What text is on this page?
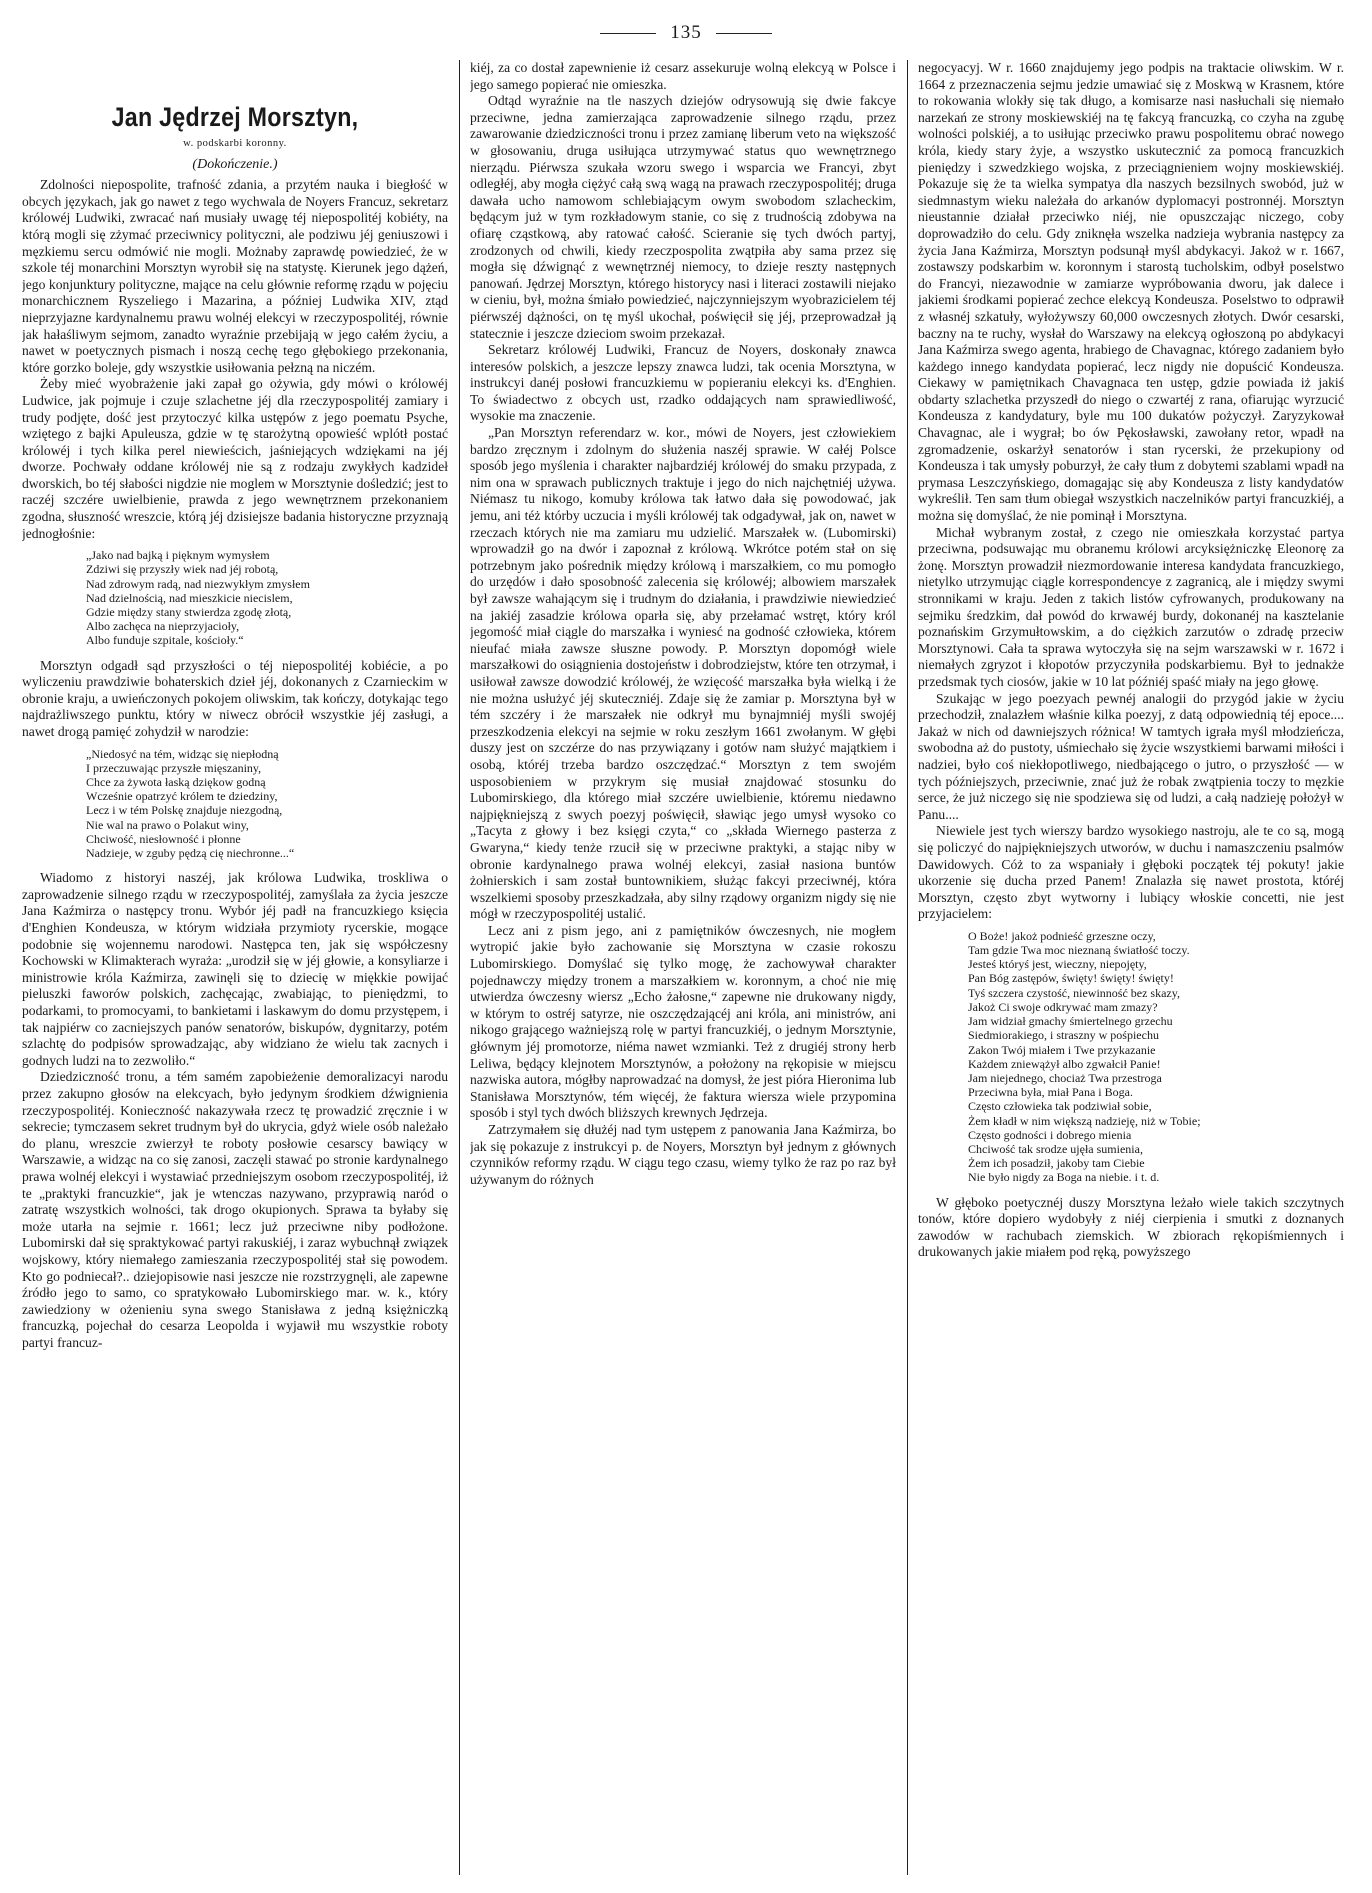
135
Jan Jędrzej Morsztyn,
w. podskarbi koronny.
(Dokończenie.)

Zdolności niepospolite, trafność zdania, a przytém nauka i biegłość w obcych językach, jak go nawet z tego wychwala de Noyers Francuz, sekretarz królowéj Ludwiki, zwracać nań musiały uwagę téj niepospolitéj kobiéty, na którą mogli się zżymać przeciwnicy polityczni, ale podziwu jéj geniuszowi i męzkiemu sercu odmówić nie mogli. Możnaby zaprawdę powiedzieć, że w szkole téj monarchini Morsztyn wyrobił się na statystę. Kierunek jego dążeń, jego konjunktury polityczne, mające na celu głównie reformę rządu w pojęciu monarchicznem Ryszeliego i Mazarina, a później Ludwika XIV, ztąd nieprzyjazne kardynalnemu prawu wolnéj elekcyi w rzeczypospolitéj, równie jak hałaśliwym sejmom, zanadto wyraźnie przebijają w jego całém życiu, a nawet w poetycznych pismach i noszą cechę tego głębokiego przekonania, które gorzko boleje, gdy wszystkie usiłowania pełzną na niczém.

Żeby mieć wyobrażenie jaki zapał go ożywia, gdy mówi o królowéj Ludwice, jak pojmuje i czuje szlachetne jéj dla rzeczypospolitéj zamiary i trudy podjęte, dość jest przytoczyć kilka ustępów z jego poematu Psyche, wziętego z bajki Apuleusza, gdzie w tę starożytną opowieść wplótł postać królowéj i tych kilka perel niewieścich, jaśniejących wdziękami na jéj dworze. Pochwały oddane królowéj nie są z rodzaju zwykłych kadzideł dworskich, bo téj słabości nigdzie nie moglem w Morsztynie dośledzić; jest to raczéj szczére uwielbienie, prawda z jego wewnętrznem przekonaniem zgodna, słuszność wreszcie, którą jéj dzisiejsze badania historyczne przyznają jednogłośnie:

„Jako nad bajką i pięknym wymysłem
Zdziwi się przyszły wiek nad jéj robotą,
Nad zdrowym radą, nad niezwykłym zmysłem
Nad dzielnością, nad mieszkicie niecislem,
Gdzie między stany stwierdza zgodę złotą,
Albo zachęca na nieprzyjacioły,
Albo funduje szpitale, kościoły.“

Morsztyn odgadł sąd przyszłości o téj niepospolitéj kobiécie, a po wyliczeniu prawdziwie bohaterskich dzieł jéj, dokonanych z Czarnieckim w obronie kraju, a uwieńczonych pokojem oliwskim, tak kończy, dotykając tego najdrażliwszego punktu, który w niwecz obrócił wszystkie jéj zasługi, a nawet drogą pamięć zohydził w narodzie:

„Niedosyć na tém, widząc się niepłodną
I przeczuwając przyszłe mięszaniny,
Chce za żywota łaską dziękow godną
Wcześnie opatrzyć królem te dziedziny,
Lecz i w tém Polskę znajduje niezgodną,
Nie wal na prawo o Polakut winy,
Chciwość, niesłowność i płonne
Nadzieje, w zguby pędzą cię niechronne...“

Wiadomo z historyi naszéj, jak królowa Ludwika, troskliwa o zaprowadzenie silnego rządu w rzeczypospolitéj, zamyślała za życia jeszcze Jana Kaźmirza o następcy tronu. Wybór jéj padł na francuzkiego księcia d'Enghien Kondeusza, w którym widziała przymioty rycerskie, mogące podobnie się wojennemu narodowi. Następca ten, jak się współczesny Kochowski w Klimakterach wyraża: „urodził się w jéj głowie, a konsyliarze i ministrowie króla Kaźmirza, zawinęli się to dziecię w miękkie powijać pieluszki faworów polskich, zachęcając, zwabiając, to pieniędzmi, to podarkami, to promocyami, to bankietami i laskawym do domu przystępem, i tak najpiérw co zacniejszych panów senatorów, biskupów, dygnitarzy, potém szlachtę do podpisów sprowadzając, aby widziano że wielu tak zacnych i godnych ludzi na to zezwoliło.“

Dziedziczność tronu, a tém samém zapobieżenie demoralizacyi narodu przez zakupno głosów na elekcyach, było jedynym środkiem dźwignienia rzeczypospolitéj. Konieczność nakazywała rzecz tę prowadzić zręcznie i w sekrecie; tymczasem sekret trudnym był do ukrycia, gdyż wiele osób należało do planu, wreszcie zwierzył te roboty posłowie cesarscy bawiący w Warszawie, a widząc na co się zanosi, zaczęli stawać po stronie kardynalnego prawa wolnéj elekcyi i wystawiać przedniejszym osobom rzeczypospolitéj, iż te „praktyki francuzkie“, jak je wtenczas nazywano, przyprawią naród o zatratę wszystkich wolności, tak drogo okupionych. Sprawa ta byłaby się może utarła na sejmie r. 1661; lecz już przeciwne niby podłożone. Lubomirski dał się spraktykować partyi rakuskiéj, i zaraz wybuchnął związek wojskowy, który niemałego zamieszania rzeczypospolitéj stał się powodem. Kto go podniecał?.. dziejopisowie nasi jeszcze nie rozstrzygnęli, ale zapewne źródło jego to samo, co spratykowało Lubomirskiego mar. w. k., który zawiedziony w ożenieniu syna swego Stanisława z jedną księżniczką francuzką, pojechał do cesarza Leopolda i wyjawił mu wszystkie roboty partyi francuz-

kiéj, za co dostał zapewnienie iż cesarz assekuruje wolną elekcyą w Polsce i jego samego popierać nie omieszka.

Odtąd wyraźnie na tle naszych dziejów odrysowują się dwie fakcye przeciwne, jedna zamierzająca zaprowadzenie silnego rządu, przez zawarowanie dziedziczności tronu i przez zamianę liberum veto na większość w głosowaniu, druga usiłująca utrzymywać status quo wewnętrznego nierządu. Piérwsza szukała wzoru swego i wsparcia we Francyi, zbyt odległéj, aby mogła ciężyć całą swą wagą na prawach rzeczypospolitéj; druga dawała ucho namowom schlebiającym owym swobodom szlacheckim, będącym już w tym rozkładowym stanie, co się z trudnością zdobywa na ofiarę cząstkową, aby ratować całość. Scieranie się tych dwóch partyj, zrodzonych od chwili, kiedy rzeczpospolita zwątpiła aby sama przez się mogła się dźwignąć z wewnętrznéj niemocy, to dzieje reszty następnych panowań. Jędrzej Morsztyn, którego historycy nasi i literaci zostawili niejako w cieniu, był, można śmiało powiedzieć, najczynniejszym wyobrazicielem téj piérwszéj dążności, on tę myśl ukochał, poświęcił się jéj, przeprowadzał ją statecznie i jeszcze dzieciom swoim przekazał.

Sekretarz królowéj Ludwiki, Francuz de Noyers, doskonały znawca interesów polskich, a jeszcze lepszy znawca ludzi, tak ocenia Morsztyna, w instrukcyi danéj posłowi francuzkiemu w popieraniu elekcyi ks. d'Enghien. To świadectwo z obcych ust, rzadko oddających nam sprawiedliwość, wysokie ma znaczenie.

„Pan Morsztyn referendarz w. kor., mówi de Noyers, jest człowiekiem bardzo zręcznym i zdolnym do służenia naszéj sprawie. W całéj Polsce sposób jego myślenia i charakter najbardziéj królowéj do smaku przypada, z nim ona w sprawach publicznych traktuje i jego do nich najchętniéj używa. Niémasz tu nikogo, komuby królowa tak łatwo dała się powodować, jak jemu, ani téż którby uczucia i myśli królowéj tak odgadywał, jak on, nawet w rzeczach których nie ma zamiaru mu udzielić. Marszałek w. (Lubomirski) wprowadził go na dwór i zapoznał z królową. Wkrótce potém stał on się potrzebnym jako pośrednik między królową i marszałkiem, co mu pomogło do urzędów i dało sposobność zalecenia się królowéj; albowiem marszałek był zawsze wahającym się i trudnym do działania, i prawdziwie niewiedzieć na jakiéj zasadzie królowa oparła się, aby przełamać wstręt, który król jegomość miał ciągle do marszałka i wyniesć na godność człowieka, którem nieufać miała zawsze słuszne powody. P. Morsztyn dopomógł wiele marszałkowi do osiągnienia dostojeństw i dobrodziejstw, które ten otrzymał, i usiłował zawsze dowodzić królowéj, że wzięcość marszałka była wielką i że nie można usłużyć jéj skuteczniéj. Zdaje się że zamiar p. Morsztyna był w tém szczéry i że marszałek nie odkrył mu bynajmniéj myśli swojéj przeszkodzenia elekcyi na sejmie w roku zeszłym 1661 zwołanym. W głębi duszy jest on szczérze do nas przywiązany i gotów nam służyć majątkiem i osobą, któréj trzeba bardzo oszczędzać.“ Morsztyn z tem swojém usposobieniem w przykrym się musiał znajdować stosunku do Lubomirskiego, dla którego miał szczére uwielbienie, któremu niedawno najpiękniejszą z swych poezyj poświęcił, sławiąc jego umysł wysoko co „Tacyta z głowy i bez księgi czyta,“ co „składa Wiernego pasterza z Gwaryna,“ kiedy tenże rzucił się w przeciwne praktyki, a stając niby w obronie kardynalnego prawa wolnéj elekcyi, zasiał nasiona buntów żołnierskich i sam został buntownikiem, służąc fakcyi przeciwnéj, która wszelkiemi sposoby przeszkadzała, aby silny rządowy organizm nigdy się nie mógł w rzeczypospolitéj ustalić.

Lecz ani z pism jego, ani z pamiętników ówczesnych, nie mogłem wytropić jakie było zachowanie się Morsztyna w czasie rokoszu Lubomirskiego. Domyślać się tylko mogę, że zachowywał charakter pojednawczy między tronem a marszałkiem w. koronnym, a choć nie mię utwierdza ówczesny wiersz „Echo żałosne,“ zapewne nie drukowany nigdy, w którym to ostréj satyrze, nie oszczędzającéj ani króla, ani ministrów, ani nikogo grającego ważniejszą rolę w partyi francuzkiéj, o jednym Morsztynie, głównym jéj promotorze, niéma nawet wzmianki. Też z drugiéj strony herb Leliwa, będący klejnotem Morsztynów, a położony na rękopisie w miejscu nazwiska autora, mógłby naprowadzać na domysł, że jest pióra Hieronima lub Stanisława Morsztynów, tém więcéj, że faktura wiersza wiele przypomina sposób i styl tych dwóch bliższych krewnych Jędrzeja.

Zatrzymałem się dłużéj nad tym ustępem z panowania Jana Kaźmirza, bo jak się pokazuje z instrukcyi p. de Noyers, Morsztyn był jednym z głównych czynników reformy rządu. W ciągu tego czasu, wiemy tylko że raz po raz był używanym do różnych

negocyacyj. W r. 1660 znajdujemy jego podpis na traktacie oliwskim. W r. 1664 z przeznaczenia sejmu jedzie umawiać się z Moskwą w Krasnem, które to rokowania wlokły się tak długo, a komisarze nasi nasłuchali się niemało narzekań ze strony moskiewskiéj na tę fakcyą francuzką, co czyha na zgubę wolności polskiéj, a to usiłując przeciwko prawu pospolitemu obrać nowego króla, kiedy stary żyje, a wszystko uskutecznić za pomocą francuzkich pieniędzy i szwedzkiego wojska, z przeciągnieniem wojny moskiewskiéj. Pokazuje się że ta wielka sympatya dla naszych bezsilnych swobód, już w siedmnastym wieku należała do arkanów dyplomacyi postronnéj. Morsztyn nieustannie działał przeciwko niéj, nie opuszczając niczego, coby doprowadziło do celu. Gdy zniknęła wszelka nadzieja wybrania następcy za życia Jana Kaźmirza, Morsztyn podsunął myśl abdykacyi. Jakoż w r. 1667, zostawszy podskarbim w. koronnym i starostą tucholskim, odbył poselstwo do Francyi, niezawodnie w zamiarze wypróbowania dworu, jak dalece i jakiemi środkami popierać zechce elekcyą Kondeusza. Poselstwo to odprawił z własnéj szkatuły, wyłożywszy 60,000 owczesnych złotych. Dwór cesarski, baczny na te ruchy, wysłał do Warszawy na elekcyą ogłoszoną po abdykacyi Jana Kaźmirza swego agenta, hrabiego de Chavagnac, którego zadaniem było każdego innego kandydata popierać, lecz nigdy nie dopuścić Kondeusza. Ciekawy w pamiętnikach Chavagnaca ten ustęp, gdzie powiada iż jakiś obdarty szlachetka przyszedł do niego o czwartéj z rana, ofiarując wyrzucić Kondeusza z kandydatury, byle mu 100 dukatów pożyczył. Zaryzykował Chavagnac, ale i wygrał; bo ów Pękosławski, zawołany retor, wpadł na zgromadzenie, oskarżył senatorów i stan rycerski, że przekupiony od Kondeusza i tak umysły poburzył, że cały tłum z dobytemi szablami wpadł na prymasa Leszczyńskiego, domagając się aby Kondeusza z listy kandydatów wykreślił. Ten sam tłum obiegał wszystkich naczelników partyi francuzkiéj, a można się domyślać, że nie pominął i Morsztyna.

Michał wybranym został, z czego nie omieszkała korzystać partya przeciwna, podsuwając mu obranemu królowi arcyksiężniczkę Eleonorę za żonę. Morsztyn prowadził niezmordowanie interesa kandydata francuzkiego, nietylko utrzymując ciągle korrespondencye z zagranicą, ale i między swymi stronnikami w kraju. Jeden z takich listów cyfrowanych, produkowany na sejmiku średzkim, dał powód do krwawéj burdy, dokonanéj na kasztelanie poznańskim Grzymułtowskim, a do ciężkich zarzutów o zdradę przeciw Morsztynowi. Cała ta sprawa wytoczyła się na sejm warszawski w r. 1672 i niemałych zgryzot i kłopotów przyczyniła podskarbiemu. Był to jednakże przedsmak tych ciosów, jakie w 10 lat późniéj spaść miały na jego głowę.

Szukając w jego poezyach pewnéj analogii do przygód jakie w życiu przechodził, znalazłem właśnie kilka poezyj, z datą odpowiednią téj epoce.... Jakaż w nich od dawniejszych różnica! W tamtych igrała myśl młodzieńcza, swobodna aż do pustoty, uśmiechało się życie wszystkiemi barwami miłości i nadziei, było coś niekłopotliwego, niedbającego o jutro, o przyszłość — w tych późniejszych, przeciwnie, znać już że robak zwątpienia toczy to męzkie serce, że już niczego się nie spodziewa się od ludzi, a całą nadzieję położył w Panu....

Niewiele jest tych wierszy bardzo wysokiego nastroju, ale te co są, mogą się policzyć do najpiękniejszych utworów, w duchu i namaszczeniu psalmów Dawidowych. Cóż to za wspaniały i głęboki początek téj pokuty! jakie ukorzenie się ducha przed Panem! Znalazła się nawet prostota, któréj Morsztyn, często zbyt wytworny i lubiący włoskie concetti, nie jest przyjacielem:

O Boże! jakoż podnieść grzeszne oczy,
Tam gdzie Twa moc nieznaną światłość toczy.
Jesteś któryś jest, wieczny, niepojęty,
Pan Bóg zastępów, święty! święty! święty!
Tyś szczera czystość, niewinność bez skazy,
Jakoż Ci swoje odkrywać mam zmazy?
Jam widział gmachy śmiertelnego grzechu
Siedmiorakiego, i straszny w pośpiechu
Zakon Twój miałem i Twe przykazanie
Każdem zniewążył albo zgwałcił Panie!
Jam niejednego, chociaż Twa przestroga
Przeciwna była, miał Pana i Boga.
Często człowieka tak podziwiał sobie,
Żem kładł w nim większą nadzieję, niż w Tobie;
Często godności i dobrego mienia
Chciwość tak srodze ujęła sumienia,
Żem ich posadził, jakoby tam Ciebie
Nie było nigdy za Boga na niebie. i t. d.

W głęboko poetycznéj duszy Morsztyna leżało wiele takich szczytnych tonów, które dopiero wydobyły z niéj cierpienia i smutki z doznanych zawodów w rachubach ziemskich. W zbiorach rękopiśmiennych i drukowanych jakie miałem pod ręką, powyższego
